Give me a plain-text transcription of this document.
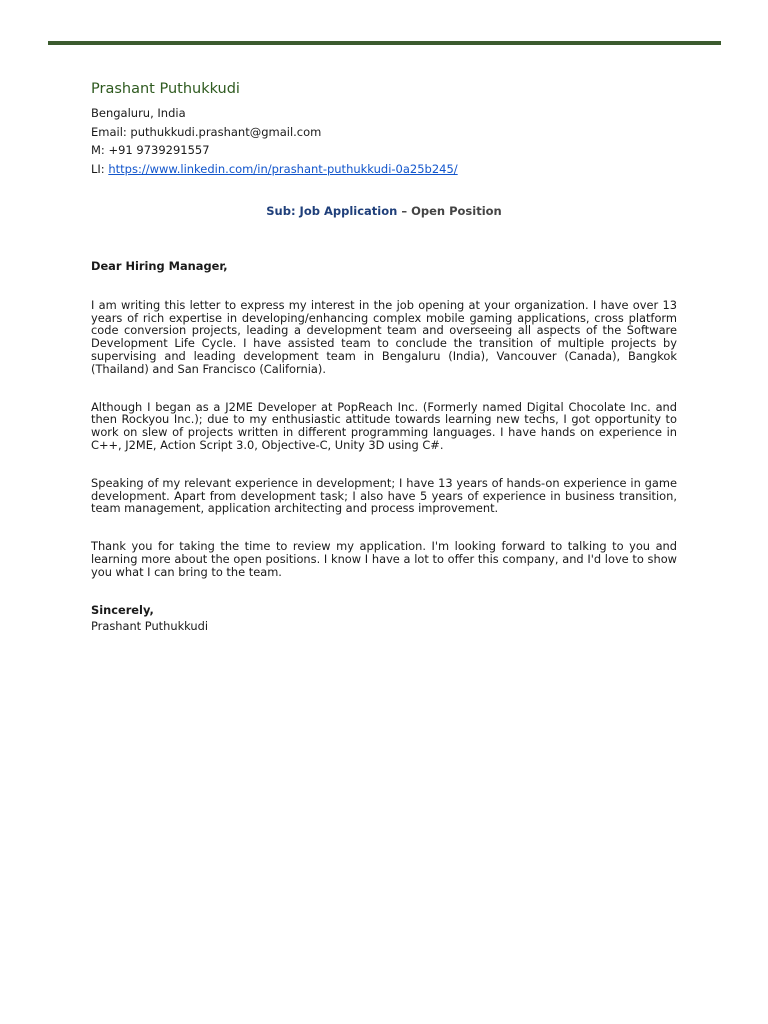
Prashant Puthukkudi

Bengaluru, India

Email: puthukkudi.prashant@gmail.com

M: +91 9739291557

LI: https://www.linkedin.com/in/prashant-puthukkudi-0a25b245/

Sub: Job Application – Open Position

Dear Hiring Manager,

I am writing this letter to express my interest in the job opening at your organization. I have over 13 years of rich expertise in developing/enhancing complex mobile gaming applications, cross platform code conversion projects, leading a development team and overseeing all aspects of the Software Development Life Cycle. I have assisted team to conclude the transition of multiple projects by supervising and leading development team in Bengaluru (India), Vancouver (Canada), Bangkok (Thailand) and San Francisco (California).

Although I began as a J2ME Developer at PopReach Inc. (Formerly named Digital Chocolate Inc. and then Rockyou Inc.); due to my enthusiastic attitude towards learning new techs, I got opportunity to work on slew of projects written in different programming languages. I have hands on experience in C++, J2ME, Action Script 3.0, Objective-C, Unity 3D using C#.

Speaking of my relevant experience in development; I have 13 years of hands-on experience in game development. Apart from development task; I also have 5 years of experience in business transition, team management, application architecting and process improvement.

Thank you for taking the time to review my application. I'm looking forward to talking to you and learning more about the open positions. I know I have a lot to offer this company, and I'd love to show you what I can bring to the team.

Sincerely,

Prashant Puthukkudi
